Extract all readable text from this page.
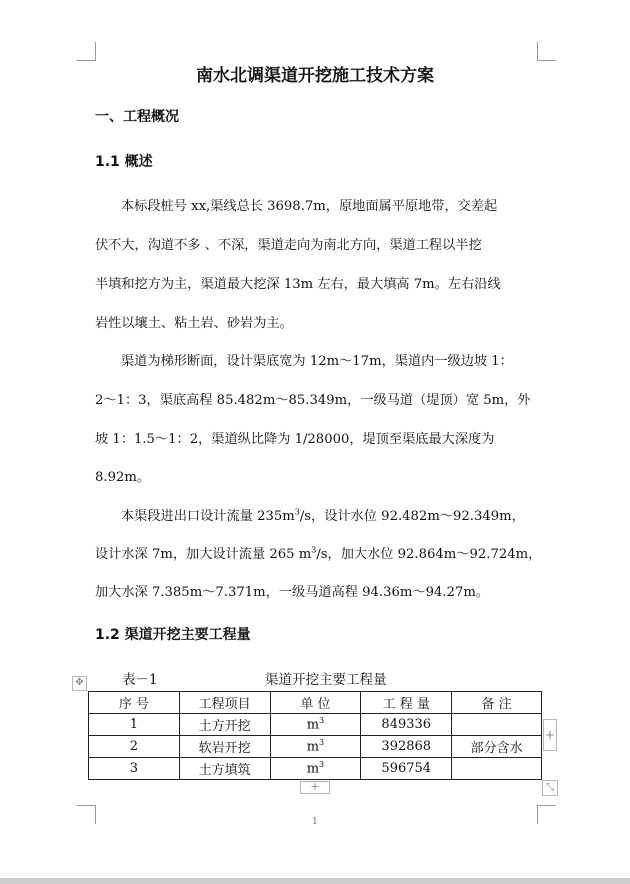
南水北调渠道开挖施工技术方案
一、工程概况
1.1 概述
本标段桩号 xx,渠线总长 3698.7m，原地面属平原地带，交差起
伏不大，沟道不多 、不深，渠道走向为南北方向，渠道工程以半挖
半填和挖方为主，渠道最大挖深 13m 左右，最大填高 7m。左右沿线
岩性以壤土、粘土岩、砂岩为主。
渠道为梯形断面，设计渠底宽为 12m～17m，渠道内一级边坡 1：
2～1：3，渠底高程 85.482m～85.349m，一级马道（堤顶）宽 5m，外
坡 1：1.5～1：2，渠道纵比降为 1/28000，堤顶至渠底最大深度为
8.92m。
本渠段进出口设计流量 $235m^3/s$，设计水位 92.482m～92.349m，
设计水深 7m，加大设计流量 265 $m^3/s$，加大水位 92.864m～92.724m，
加大水深 7.385m～7.371m，一级马道高程 94.36m～94.27m。
1.2 渠道开挖主要工程量
表－1	渠道开挖主要工程量
✥
序 号	工程项目	单 位	工 程 量	备 注
1	土方开挖	$m^3$	849336	
2	软岩开挖	$m^3$	392868	部分含水
3	土方填筑	$m^3$	596754	
+
+	⤡
1
